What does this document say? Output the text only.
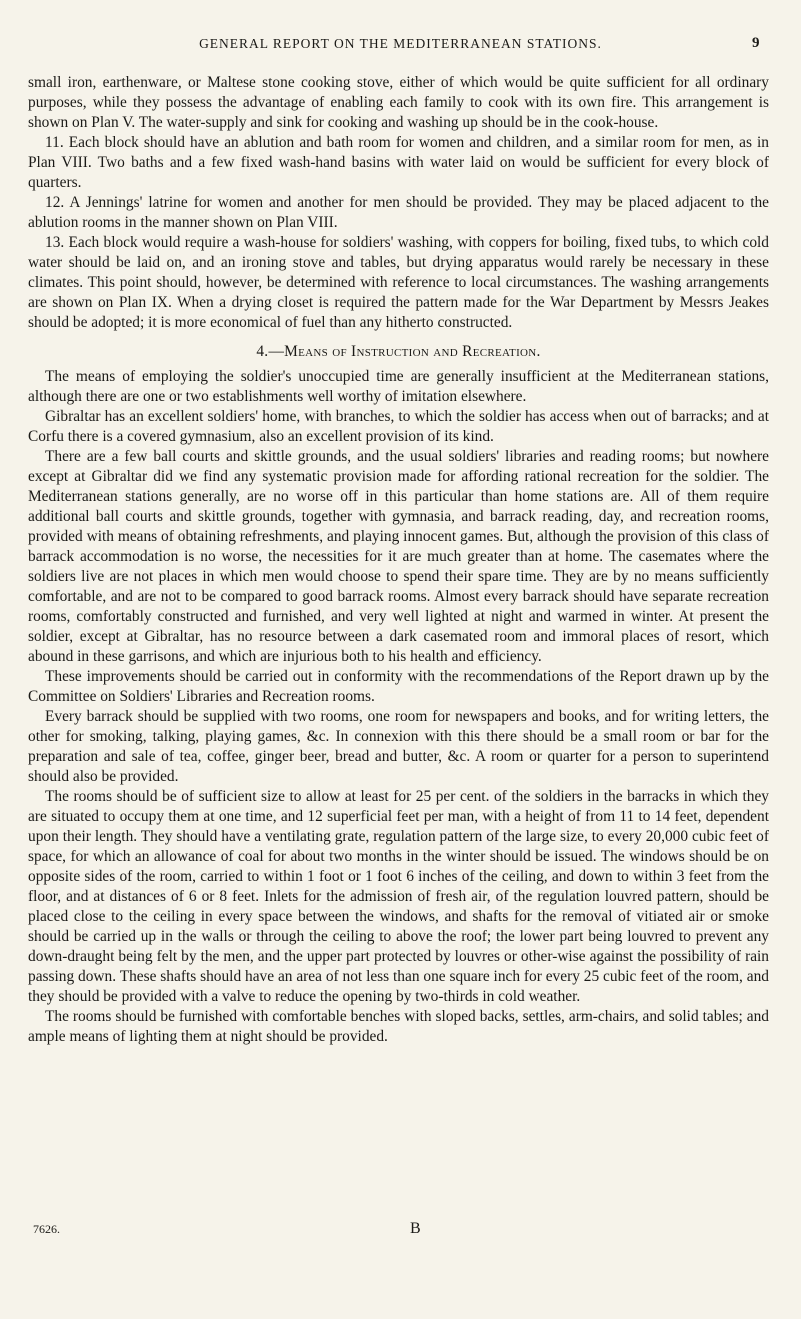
GENERAL REPORT ON THE MEDITERRANEAN STATIONS.	9

small iron, earthenware, or Maltese stone cooking stove, either of which would be quite sufficient for all ordinary purposes, while they possess the advantage of enabling each family to cook with its own fire. This arrangement is shown on Plan V. The water-supply and sink for cooking and washing up should be in the cook-house.

11. Each block should have an ablution and bath room for women and children, and a similar room for men, as in Plan VIII. Two baths and a few fixed wash-hand basins with water laid on would be sufficient for every block of quarters.

12. A Jennings' latrine for women and another for men should be provided. They may be placed adjacent to the ablution rooms in the manner shown on Plan VIII.

13. Each block would require a wash-house for soldiers' washing, with coppers for boiling, fixed tubs, to which cold water should be laid on, and an ironing stove and tables, but drying apparatus would rarely be necessary in these climates. This point should, however, be determined with reference to local circumstances. The washing arrangements are shown on Plan IX. When a drying closet is required the pattern made for the War Department by Messrs Jeakes should be adopted; it is more economical of fuel than any hitherto constructed.

4.—Means of Instruction and Recreation.

The means of employing the soldier's unoccupied time are generally insufficient at the Mediterranean stations, although there are one or two establishments well worthy of imitation elsewhere.

Gibraltar has an excellent soldiers' home, with branches, to which the soldier has access when out of barracks; and at Corfu there is a covered gymnasium, also an excellent provision of its kind.

There are a few ball courts and skittle grounds, and the usual soldiers' libraries and reading rooms; but nowhere except at Gibraltar did we find any systematic provision made for affording rational recreation for the soldier. The Mediterranean stations generally, are no worse off in this particular than home stations are. All of them require additional ball courts and skittle grounds, together with gymnasia, and barrack reading, day, and recreation rooms, provided with means of obtaining refreshments, and playing innocent games. But, although the provision of this class of barrack accommodation is no worse, the necessities for it are much greater than at home. The casemates where the soldiers live are not places in which men would choose to spend their spare time. They are by no means sufficiently comfortable, and are not to be compared to good barrack rooms. Almost every barrack should have separate recreation rooms, comfortably constructed and furnished, and very well lighted at night and warmed in winter. At present the soldier, except at Gibraltar, has no resource between a dark casemated room and immoral places of resort, which abound in these garrisons, and which are injurious both to his health and efficiency.

These improvements should be carried out in conformity with the recommendations of the Report drawn up by the Committee on Soldiers' Libraries and Recreation rooms.

Every barrack should be supplied with two rooms, one room for newspapers and books, and for writing letters, the other for smoking, talking, playing games, &c. In connexion with this there should be a small room or bar for the preparation and sale of tea, coffee, ginger beer, bread and butter, &c. A room or quarter for a person to superintend should also be provided.

The rooms should be of sufficient size to allow at least for 25 per cent. of the soldiers in the barracks in which they are situated to occupy them at one time, and 12 superficial feet per man, with a height of from 11 to 14 feet, dependent upon their length. They should have a ventilating grate, regulation pattern of the large size, to every 20,000 cubic feet of space, for which an allowance of coal for about two months in the winter should be issued. The windows should be on opposite sides of the room, carried to within 1 foot or 1 foot 6 inches of the ceiling, and down to within 3 feet from the floor, and at distances of 6 or 8 feet. Inlets for the admission of fresh air, of the regulation louvred pattern, should be placed close to the ceiling in every space between the windows, and shafts for the removal of vitiated air or smoke should be carried up in the walls or through the ceiling to above the roof; the lower part being louvred to prevent any down-draught being felt by the men, and the upper part protected by louvres or other-wise against the possibility of rain passing down. These shafts should have an area of not less than one square inch for every 25 cubic feet of the room, and they should be provided with a valve to reduce the opening by two-thirds in cold weather.

The rooms should be furnished with comfortable benches with sloped backs, settles, arm-chairs, and solid tables; and ample means of lighting them at night should be provided.

7626.	B
